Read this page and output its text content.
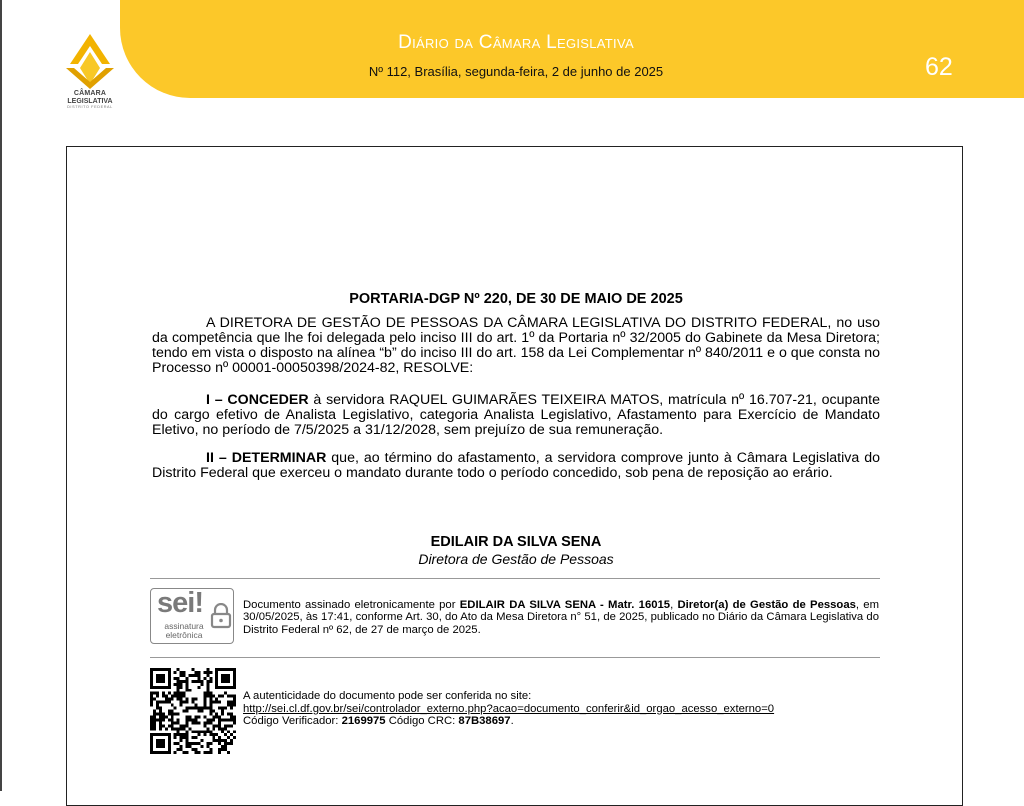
CÂMARA
LEGISLATIVA
DISTRITO FEDERAL
Diário da Câmara Legislativa
Nº 112, Brasília, segunda-feira, 2 de junho de 2025	62
PORTARIA-DGP Nº 220, DE 30 DE MAIO DE 2025

A DIRETORA DE GESTÃO DE PESSOAS DA CÂMARA LEGISLATIVA DO DISTRITO FEDERAL, no uso da competência que lhe foi delegada pelo inciso III do art. 1º da Portaria nº 32/2005 do Gabinete da Mesa Diretora; tendo em vista o disposto na alínea “b” do inciso III do art. 158 da Lei Complementar nº 840/2011 e o que consta no Processo nº 00001-00050398/2024-82, RESOLVE:

I – CONCEDER à servidora RAQUEL GUIMARÃES TEIXEIRA MATOS, matrícula nº 16.707-21, ocupante do cargo efetivo de Analista Legislativo, categoria Analista Legislativo, Afastamento para Exercício de Mandato Eletivo, no período de 7/5/2025 a 31/12/2028, sem prejuízo de sua remuneração.

II – DETERMINAR que, ao término do afastamento, a servidora comprove junto à Câmara Legislativa do Distrito Federal que exerceu o mandato durante todo o período concedido, sob pena de reposição ao erário.

EDILAIR DA SILVA SENA
Diretora de Gestão de Pessoas
sei!
assinatura
eletrônica

Documento assinado eletronicamente por EDILAIR DA SILVA SENA - Matr. 16015, Diretor(a) de Gestão de Pessoas, em 30/05/2025, às 17:41, conforme Art. 30, do Ato da Mesa Diretora n° 51, de 2025, publicado no Diário da Câmara Legislativa do Distrito Federal nº 62, de 27 de março de 2025.

A autenticidade do documento pode ser conferida no site:
http://sei.cl.df.gov.br/sei/controlador_externo.php?acao=documento_conferir&id_orgao_acesso_externo=0
Código Verificador: 2169975 Código CRC: 87B38697.
